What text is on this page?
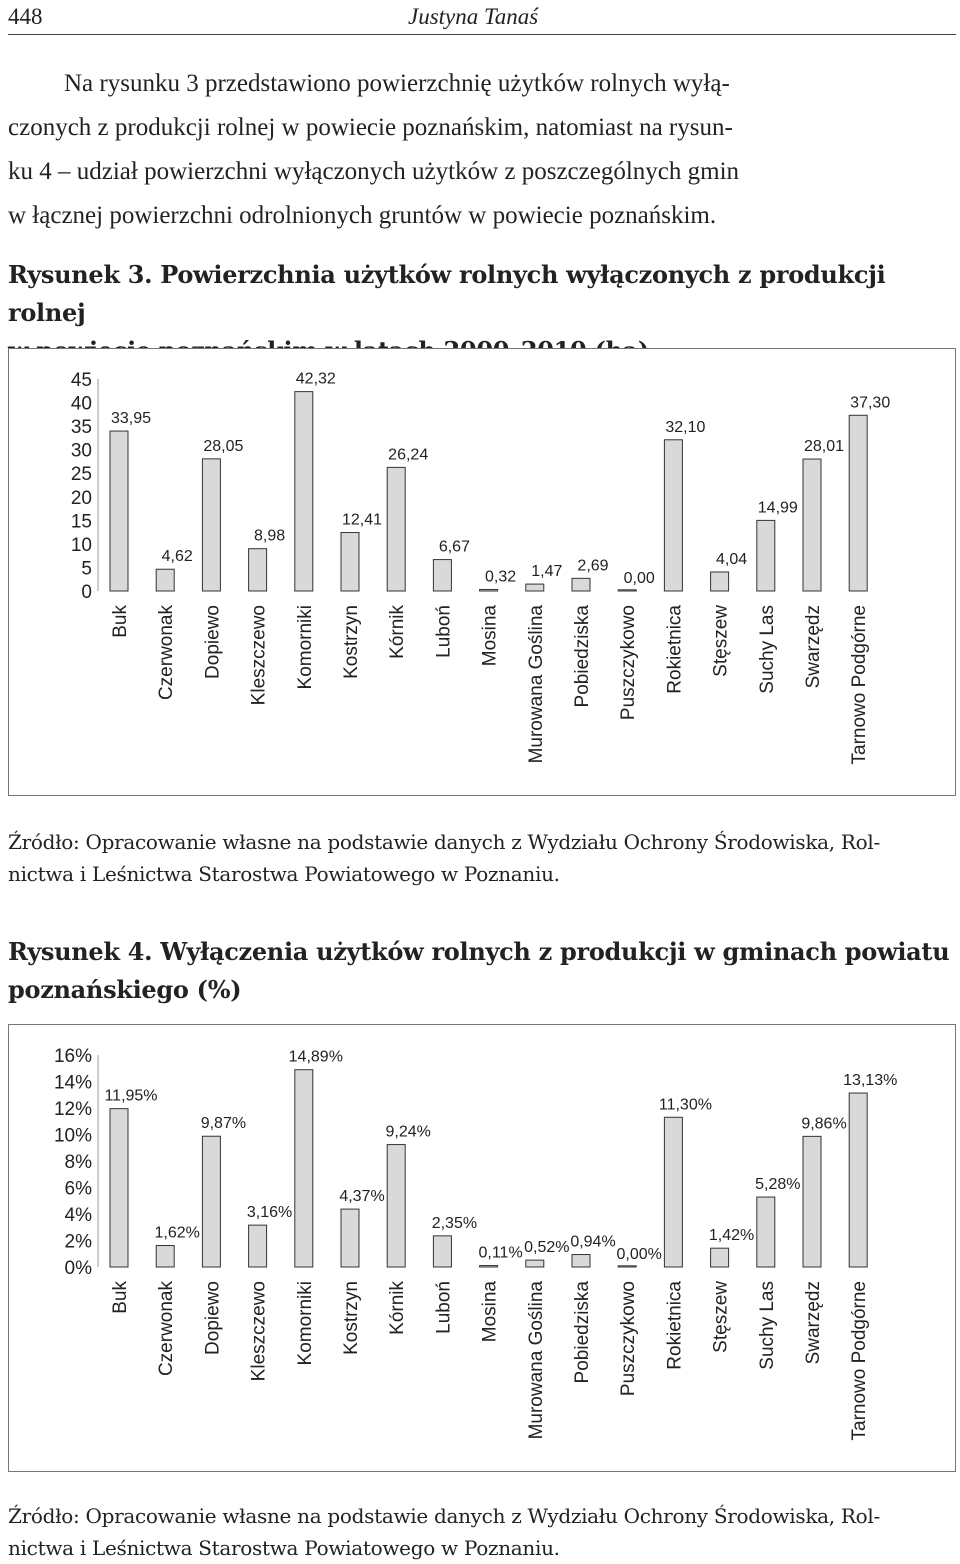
448	Justyna Tanaś
Na rysunku 3 przedstawiono powierzchnię użytków rolnych wyłą-
czonych z produkcji rolnej w powiecie poznańskim, natomiast na rysun-
ku 4 – udział powierzchni wyłączonych użytków z poszczególnych gmin
w łącznej powierzchni odrolnionych gruntów w powiecie poznańskim.
Rysunek 3. Powierzchnia użytków rolnych wyłączonych z produkcji rolnej
0
5
10
15
20
25
30
35
40
45
33,95
Buk
4,62
Czerwonak
28,05
Dopiewo
8,98
Kleszczewo
42,32
Komorniki
12,41
Kostrzyn
26,24
Kórnik
6,67
Luboń
0,32
Mosina
1,47
Murowana Goślina
2,69
Pobiedziska
0,00
Puszczykowo
32,10
Rokietnica
4,04
Stęszew
14,99
Suchy Las
28,01
Swarzędz
37,30
Tarnowo Podgórne
Źródło: Opracowanie własne na podstawie danych z Wydziału Ochrony Środowiska, Rol-
nictwa i Leśnictwa Starostwa Powiatowego w Poznaniu.
Rysunek 4. Wyłączenia użytków rolnych z produkcji w gminach powiatu
poznańskiego (%)
0%
2%
4%
6%
8%
10%
12%
14%
16%
11,95%
Buk
1,62%
Czerwonak
9,87%
Dopiewo
3,16%
Kleszczewo
14,89%
Komorniki
4,37%
Kostrzyn
9,24%
Kórnik
2,35%
Luboń
0,11%
Mosina
0,52%
Murowana Goślina
0,94%
Pobiedziska
0,00%
Puszczykowo
11,30%
Rokietnica
1,42%
Stęszew
5,28%
Suchy Las
9,86%
Swarzędz
13,13%
Tarnowo Podgórne
Źródło: Opracowanie własne na podstawie danych z Wydziału Ochrony Środowiska, Rol-
nictwa i Leśnictwa Starostwa Powiatowego w Poznaniu.
